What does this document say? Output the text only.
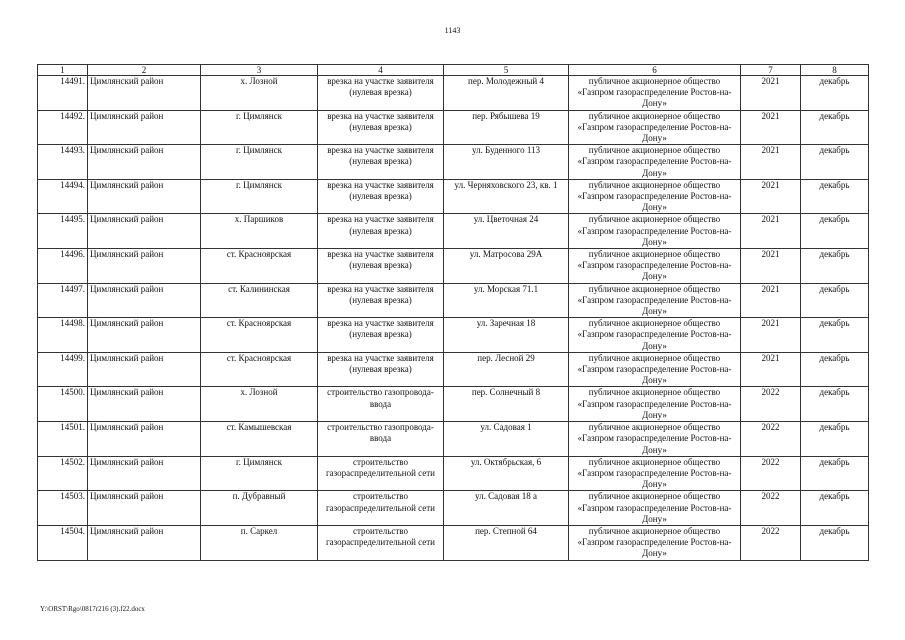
1143
1	2	3	4	5	6	7	8
14491.	Цимлянский район	х. Лозной	врезка на участке заявителя (нулевая врезка)	пер. Молодежный 4	публичное акционерное общество «Газпром газораспределение Ростов-на-Дону»	2021	декабрь
14492.	Цимлянский район	г. Цимлянск	врезка на участке заявителя (нулевая врезка)	пер. Рябышева 19	публичное акционерное общество «Газпром газораспределение Ростов-на-Дону»	2021	декабрь
14493.	Цимлянский район	г. Цимлянск	врезка на участке заявителя (нулевая врезка)	ул. Буденного 113	публичное акционерное общество «Газпром газораспределение Ростов-на-Дону»	2021	декабрь
14494.	Цимлянский район	г. Цимлянск	врезка на участке заявителя (нулевая врезка)	ул. Черняховского 23, кв. 1	публичное акционерное общество «Газпром газораспределение Ростов-на-Дону»	2021	декабрь
14495.	Цимлянский район	х. Паршиков	врезка на участке заявителя (нулевая врезка)	ул. Цветочная 24	публичное акционерное общество «Газпром газораспределение Ростов-на-Дону»	2021	декабрь
14496.	Цимлянский район	ст. Красноярская	врезка на участке заявителя (нулевая врезка)	ул. Матросова 29А	публичное акционерное общество «Газпром газораспределение Ростов-на-Дону»	2021	декабрь
14497.	Цимлянский район	ст. Калининская	врезка на участке заявителя (нулевая врезка)	ул. Морская 71.1	публичное акционерное общество «Газпром газораспределение Ростов-на-Дону»	2021	декабрь
14498.	Цимлянский район	ст. Красноярская	врезка на участке заявителя (нулевая врезка)	ул. Заречная 18	публичное акционерное общество «Газпром газораспределение Ростов-на-Дону»	2021	декабрь
14499.	Цимлянский район	ст. Красноярская	врезка на участке заявителя (нулевая врезка)	пер. Лесной 29	публичное акционерное общество «Газпром газораспределение Ростов-на-Дону»	2021	декабрь
14500.	Цимлянский район	х. Лозной	строительство газопровода-ввода	пер. Солнечный 8	публичное акционерное общество «Газпром газораспределение Ростов-на-Дону»	2022	декабрь
14501.	Цимлянский район	ст. Камышевская	строительство газопровода-ввода	ул. Садовая 1	публичное акционерное общество «Газпром газораспределение Ростов-на-Дону»	2022	декабрь
14502.	Цимлянский район	г. Цимлянск	строительство газораспределительной сети	ул. Октябрьская, 6	публичное акционерное общество «Газпром газораспределение Ростов-на-Дону»	2022	декабрь
14503.	Цимлянский район	п. Дубравный	строительство газораспределительной сети	ул. Садовая 18 а	публичное акционерное общество «Газпром газораспределение Ростов-на-Дону»	2022	декабрь
14504.	Цимлянский район	п. Саркел	строительство газораспределительной сети	пер. Степной 64	публичное акционерное общество «Газпром газораспределение Ростов-на-Дону»	2022	декабрь
Y:\ORST\Rgo\0817r216 (3).f22.docx
